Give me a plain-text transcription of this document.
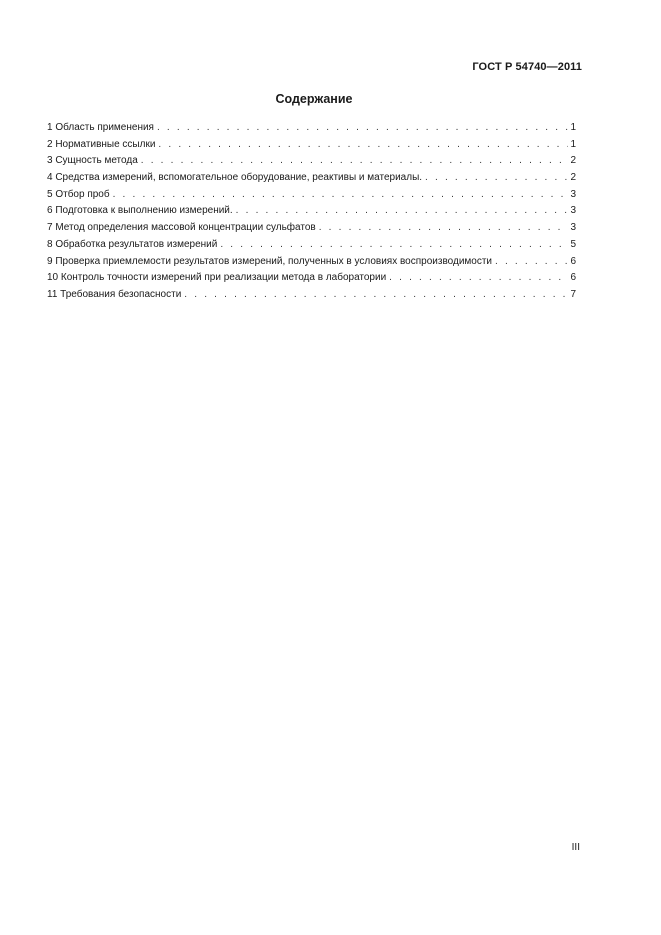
ГОСТ Р 54740—2011
Содержание
1 Область применения . . .	1
2 Нормативные ссылки . . .	1
3 Сущность метода . . .	2
4 Средства измерений, вспомогательное оборудование, реактивы и материалы. . . .	2
5 Отбор проб . . .	3
6 Подготовка к выполнению измерений. . . .	3
7 Метод определения массовой концентрации сульфатов . . .	3
8 Обработка результатов измерений . . .	5
9 Проверка приемлемости результатов измерений, полученных в условиях воспроизводимости . . .	6
10 Контроль точности измерений при реализации метода в лаборатории . . .	6
11 Требования безопасности . . .	7
III
